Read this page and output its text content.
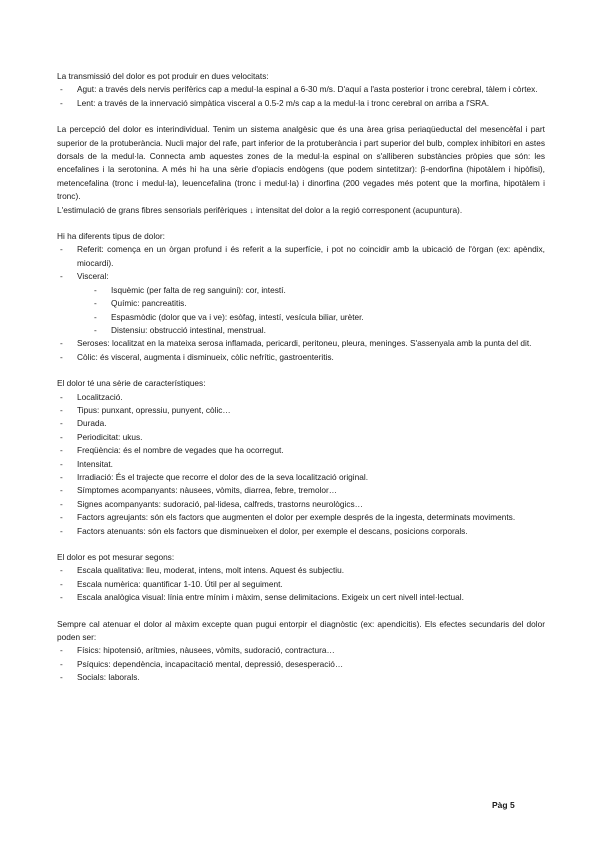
La transmissió del dolor es pot produir en dues velocitats:

- Agut: a través dels nervis perifèrics cap a medul·la espinal a 6-30 m/s. D'aquí a l'asta posterior i tronc cerebral, tàlem i còrtex.
- Lent: a través de la innervació simpàtica visceral a 0.5-2 m/s cap a la medul·la i tronc cerebral on arriba a l'SRA.

La percepció del dolor es interindividual. Tenim un sistema analgèsic que és una àrea grisa periaqüeductal del mesencèfal i part superior de la protuberància. Nucli major del rafe, part inferior de la protuberància i part superior del bulb, complex inhibitori en astes dorsals de la medul·la. Connecta amb aquestes zones de la medul·la espinal on s'alliberen substàncies pròpies que són: les encefalines i la serotonina. A més hi ha una sèrie d'opiacis endògens (que podem sintetitzar): β-endorfina (hipotàlem i hipòfisi), metencefalina (tronc i medul·la), leuencefalina (tronc i medul·la) i dinorfina (200 vegades més potent que la morfina, hipotàlem i tronc).

L'estimulació de grans fibres sensorials perifèriques ↓ intensitat del dolor a la regió corresponent (acupuntura).

Hi ha diferents tipus de dolor:

- Referit: comença en un òrgan profund i és referit a la superfície, i pot no coincidir amb la ubicació de l'òrgan (ex: apèndix, miocardi).
- Visceral:
- Isquèmic (per falta de reg sanguini): cor, intestí.
- Químic: pancreatitis.
- Espasmòdic (dolor que va i ve): esòfag, intestí, vesícula biliar, urèter.
- Distensiu: obstrucció intestinal, menstrual.
- Seroses: localitzat en la mateixa serosa inflamada, pericardi, peritoneu, pleura, meninges. S'assenyala amb la punta del dit.
- Còlic: és visceral, augmenta i disminueix, còlic nefrític, gastroenteritis.

El dolor té una sèrie de característiques:

- Localització.
- Tipus: punxant, opressiu, punyent, còlic…
- Durada.
- Periodicitat: ukus.
- Freqüència: és el nombre de vegades que ha ocorregut.
- Intensitat.
- Irradiació: És el trajecte que recorre el dolor des de la seva localització original.
- Símptomes acompanyants: nàusees, vòmits, diarrea, febre, tremolor…
- Signes acompanyants: sudoració, pal·lidesa, calfreds, trastorns neurològics…
- Factors agreujants: són els factors que augmenten el dolor per exemple després de la ingesta, determinats moviments.
- Factors atenuants: són els factors que disminueixen el dolor, per exemple el descans, posicions corporals.

El dolor es pot mesurar segons:

- Escala qualitativa: lleu, moderat, intens, molt intens. Aquest és subjectiu.
- Escala numèrica: quantificar 1-10. Útil per al seguiment.
- Escala analògica visual: línia entre mínim i màxim, sense delimitacions. Exigeix un cert nivell intel·lectual.

Sempre cal atenuar el dolor al màxim excepte quan pugui entorpir el diagnòstic (ex: apendicitis). Els efectes secundaris del dolor poden ser:

- Físics: hipotensió, arítmies, nàusees, vòmits, sudoració, contractura…
- Psíquics: dependència, incapacitació mental, depressió, desesperació…
- Socials: laborals.
Pàg 5
